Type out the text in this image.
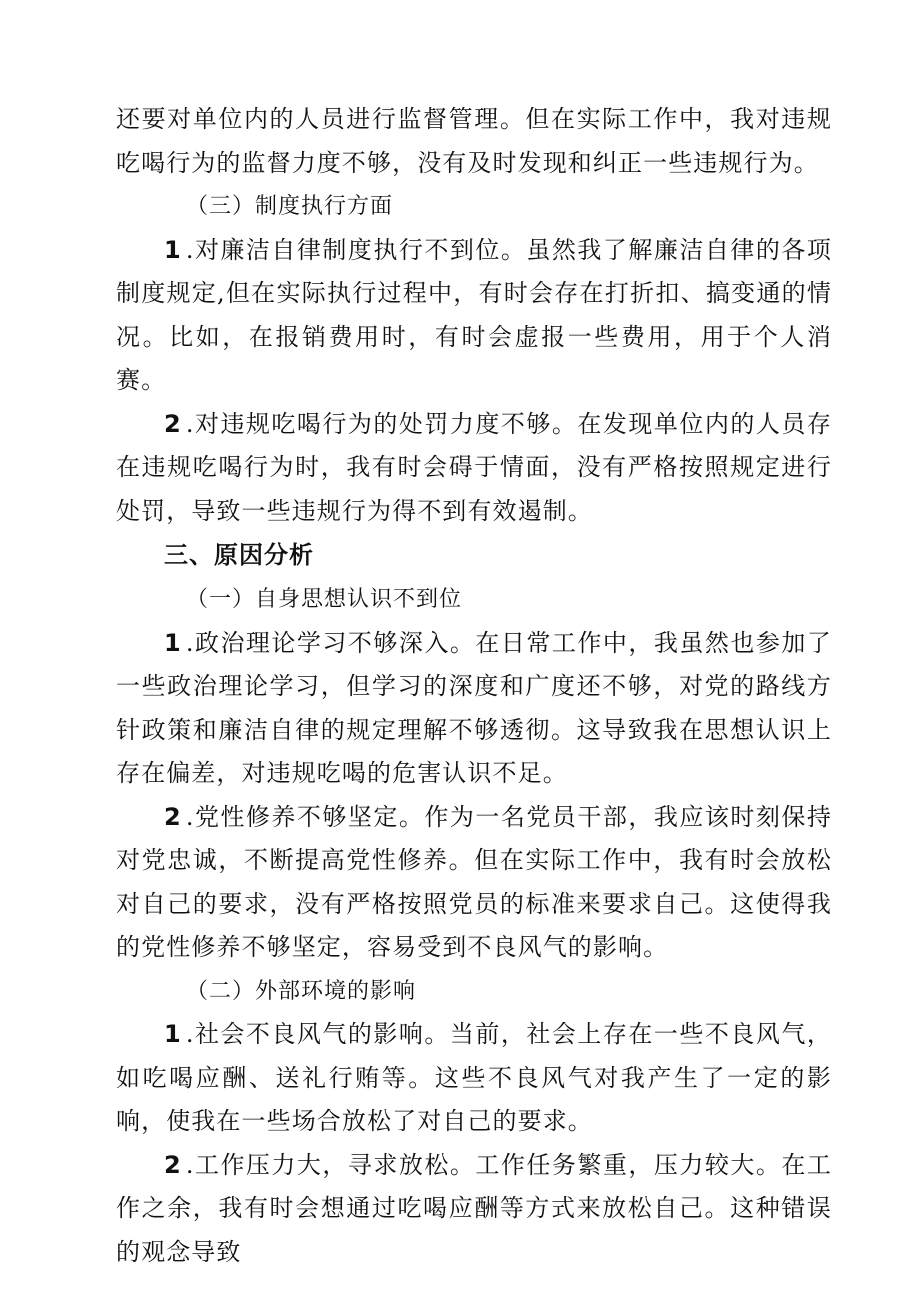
还要对单位内的人员进行监督管理。但在实际工作中，我对违规吃喝行为的监督力度不够，没有及时发现和纠正一些违规行为。

（三）制度执行方面

1 .对廉洁自律制度执行不到位。虽然我了解廉洁自律的各项制度规定,但在实际执行过程中，有时会存在打折扣、搞变通的情况。比如，在报销费用时，有时会虚报一些费用，用于个人消赛。

2 .对违规吃喝行为的处罚力度不够。在发现单位内的人员存在违规吃喝行为时，我有时会碍于情面，没有严格按照规定进行处罚，导致一些违规行为得不到有效遏制。

三、原因分析

（一）自身思想认识不到位

1 .政治理论学习不够深入。在日常工作中，我虽然也参加了一些政治理论学习，但学习的深度和广度还不够，对党的路线方针政策和廉洁自律的规定理解不够透彻。这导致我在思想认识上存在偏差，对违规吃喝的危害认识不足。

2 .党性修养不够坚定。作为一名党员干部，我应该时刻保持对党忠诚，不断提高党性修养。但在实际工作中，我有时会放松对自己的要求，没有严格按照党员的标准来要求自己。这使得我的党性修养不够坚定，容易受到不良风气的影响。

（二）外部环境的影响

1 .社会不良风气的影响。当前，社会上存在一些不良风气，如吃喝应酬、送礼行贿等。这些不良风气对我产生了一定的影响，使我在一些场合放松了对自己的要求。

2 .工作压力大，寻求放松。工作任务繁重，压力较大。在工作之余，我有时会想通过吃喝应酬等方式来放松自己。这种错误的观念导致
